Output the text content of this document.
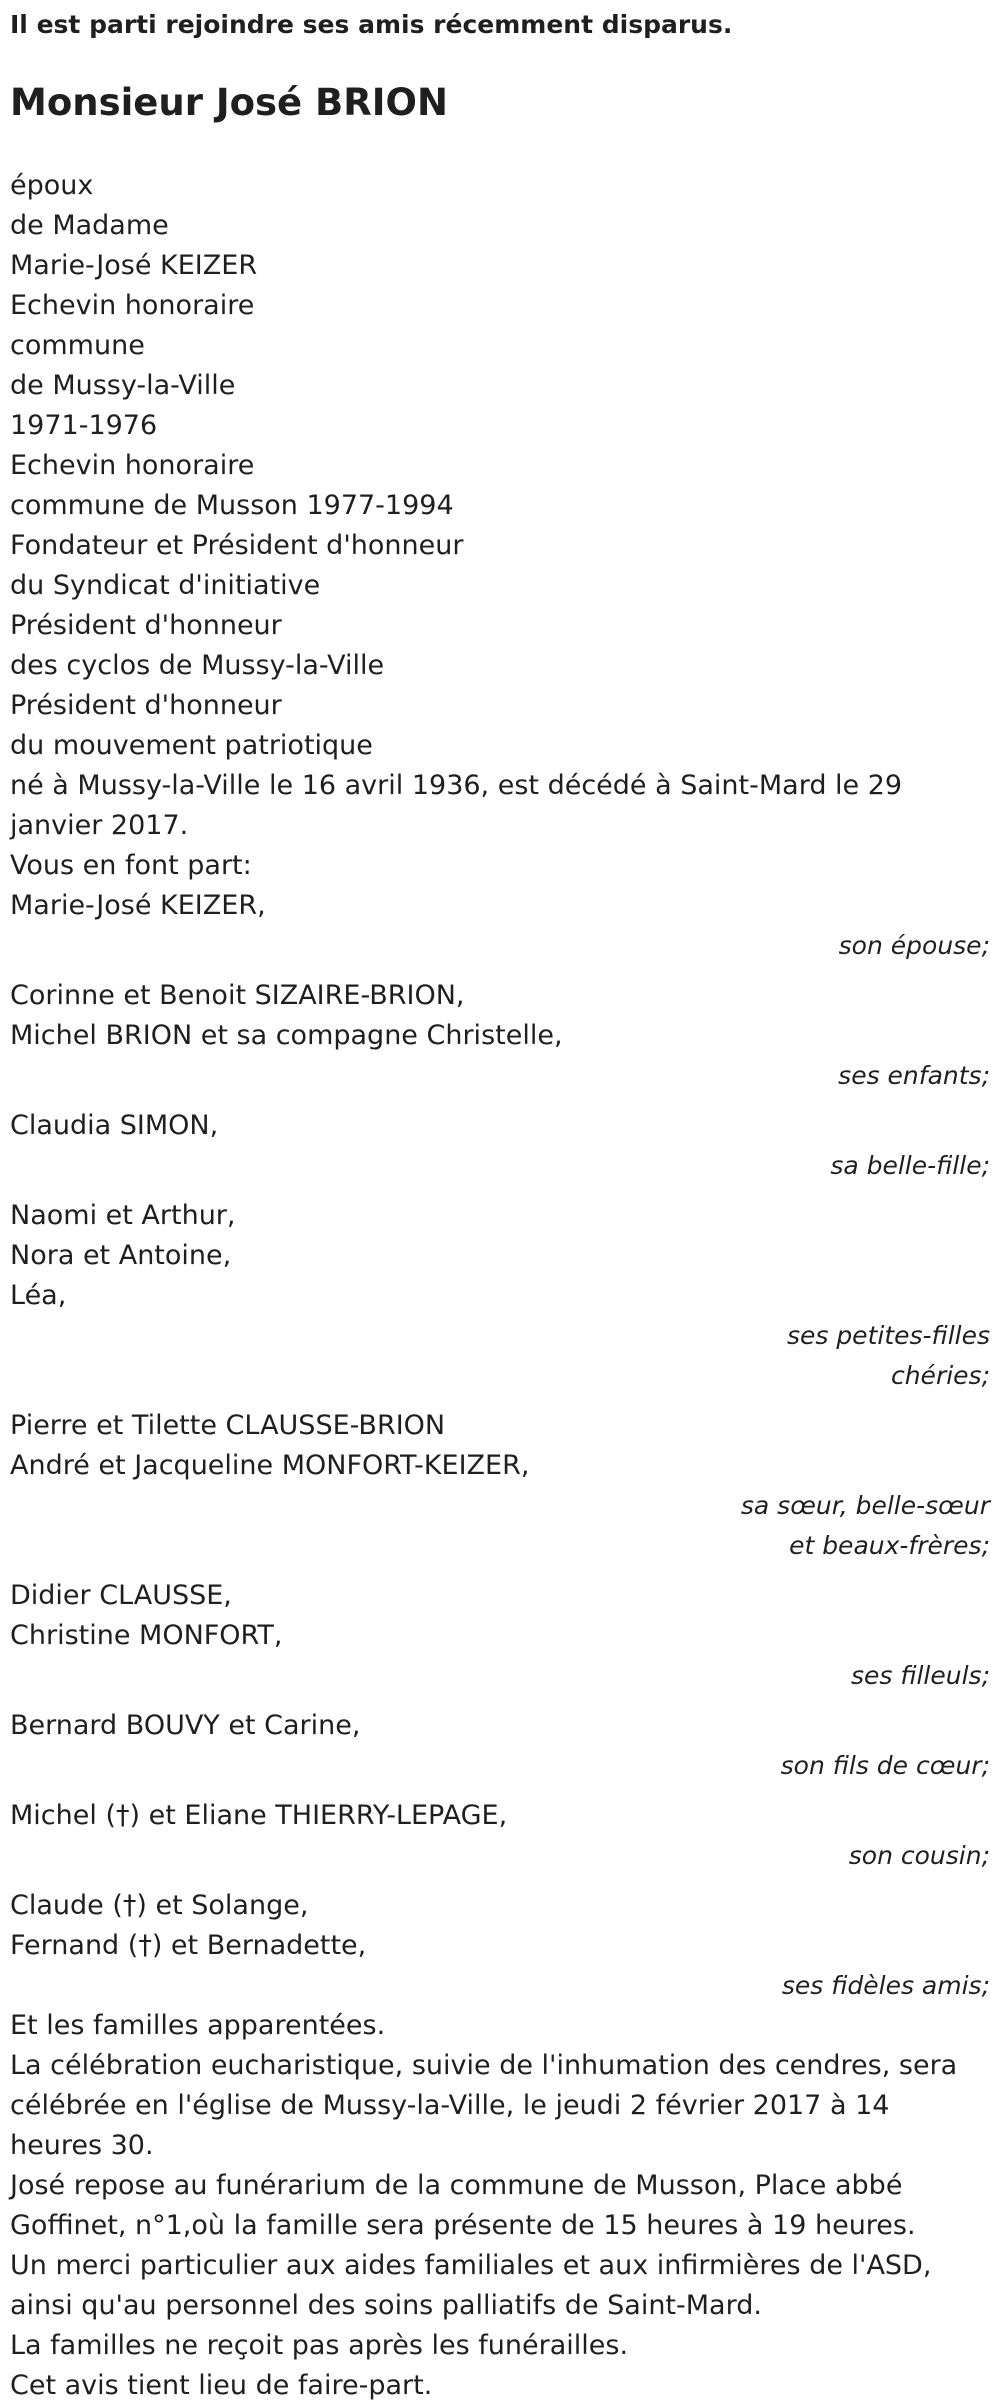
Il est parti rejoindre ses amis récemment disparus.

Monsieur José BRION
époux
de Madame
Marie-José KEIZER
Echevin honoraire
commune
de Mussy-la-Ville
1971-1976
Echevin honoraire
commune de Musson 1977-1994
Fondateur et Président d'honneur
du Syndicat d'initiative
Président d'honneur
des cyclos de Mussy-la-Ville
Président d'honneur
du mouvement patriotique

né à Mussy-la-Ville le 16 avril 1936, est décédé à Saint-Mard le 29 janvier 2017.

Vous en font part:

Marie-José KEIZER,
son épouse;
Corinne et Benoit SIZAIRE-BRION,
Michel BRION et sa compagne Christelle,
ses enfants;
Claudia SIMON,
sa belle-fille;
Naomi et Arthur,
Nora et Antoine,
Léa,
ses petites-filles
chéries;
Pierre et Tilette CLAUSSE-BRION
André et Jacqueline MONFORT-KEIZER,
sa sœur, belle-sœur
et beaux-frères;
Didier CLAUSSE,
Christine MONFORT,
ses filleuls;
Bernard BOUVY et Carine,
son fils de cœur;
Michel (†) et Eliane THIERRY-LEPAGE,
son cousin;
Claude (†) et Solange,
Fernand (†) et Bernadette,
ses fidèles amis;

Et les familles apparentées.

La célébration eucharistique, suivie de l'inhumation des cendres, sera célébrée en l'église de Mussy-la-Ville, le jeudi 2 février 2017 à 14 heures 30.

José repose au funérarium de la commune de Musson, Place abbé Goffinet, n°1,où la famille sera présente de 15 heures à 19 heures.

Un merci particulier aux aides familiales et aux infirmières de l'ASD, ainsi qu'au personnel des soins palliatifs de Saint-Mard.

La familles ne reçoit pas après les funérailles.

Cet avis tient lieu de faire-part.
